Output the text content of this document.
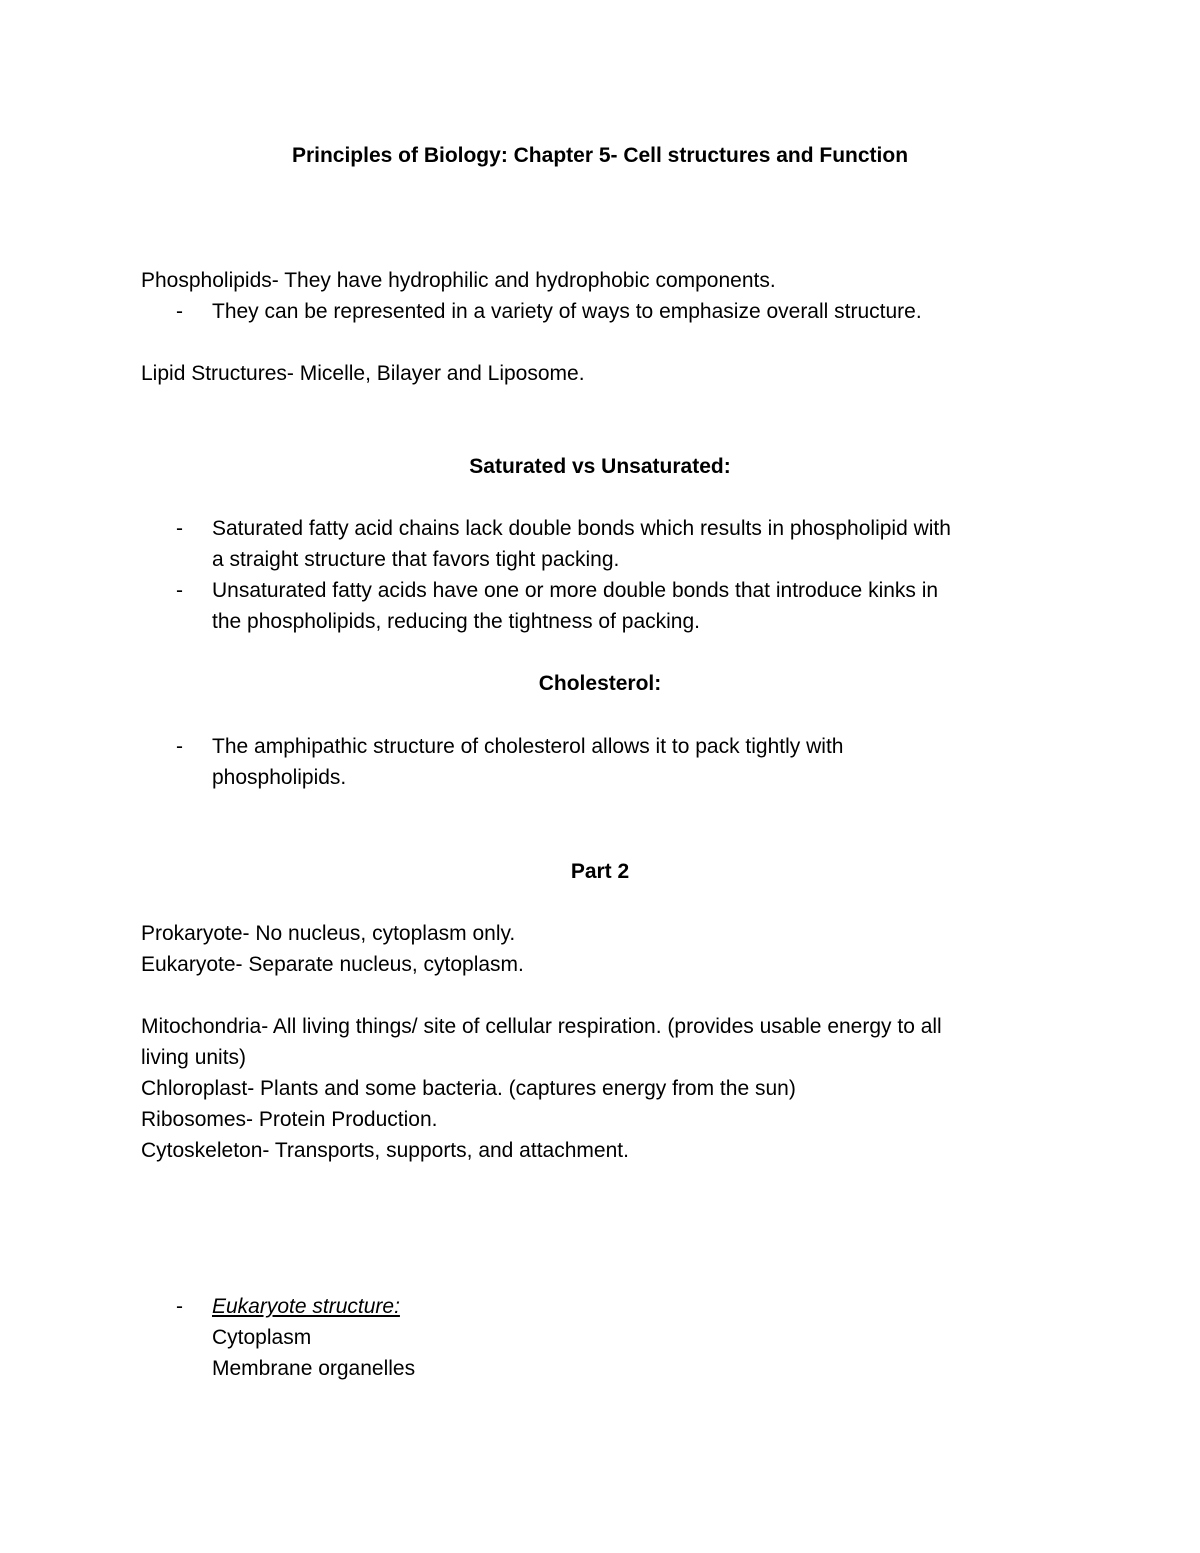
Principles of Biology: Chapter 5- Cell structures and Function
Phospholipids- They have hydrophilic and hydrophobic components.
- They can be represented in a variety of ways to emphasize overall structure.
Lipid Structures- Micelle, Bilayer and Liposome.
Saturated vs Unsaturated:
- Saturated fatty acid chains lack double bonds which results in phospholipid with
a straight structure that favors tight packing.
- Unsaturated fatty acids have one or more double bonds that introduce kinks in
the phospholipids, reducing the tightness of packing.
Cholesterol:
- The amphipathic structure of cholesterol allows it to pack tightly with
phospholipids.
Part 2
Prokaryote- No nucleus, cytoplasm only.
Eukaryote- Separate nucleus, cytoplasm.
Mitochondria- All living things/ site of cellular respiration. (provides usable energy to all
living units)
Chloroplast- Plants and some bacteria. (captures energy from the sun)
Ribosomes- Protein Production.
Cytoskeleton- Transports, supports, and attachment.
- Eukaryote structure:
Cytoplasm
Membrane organelles
